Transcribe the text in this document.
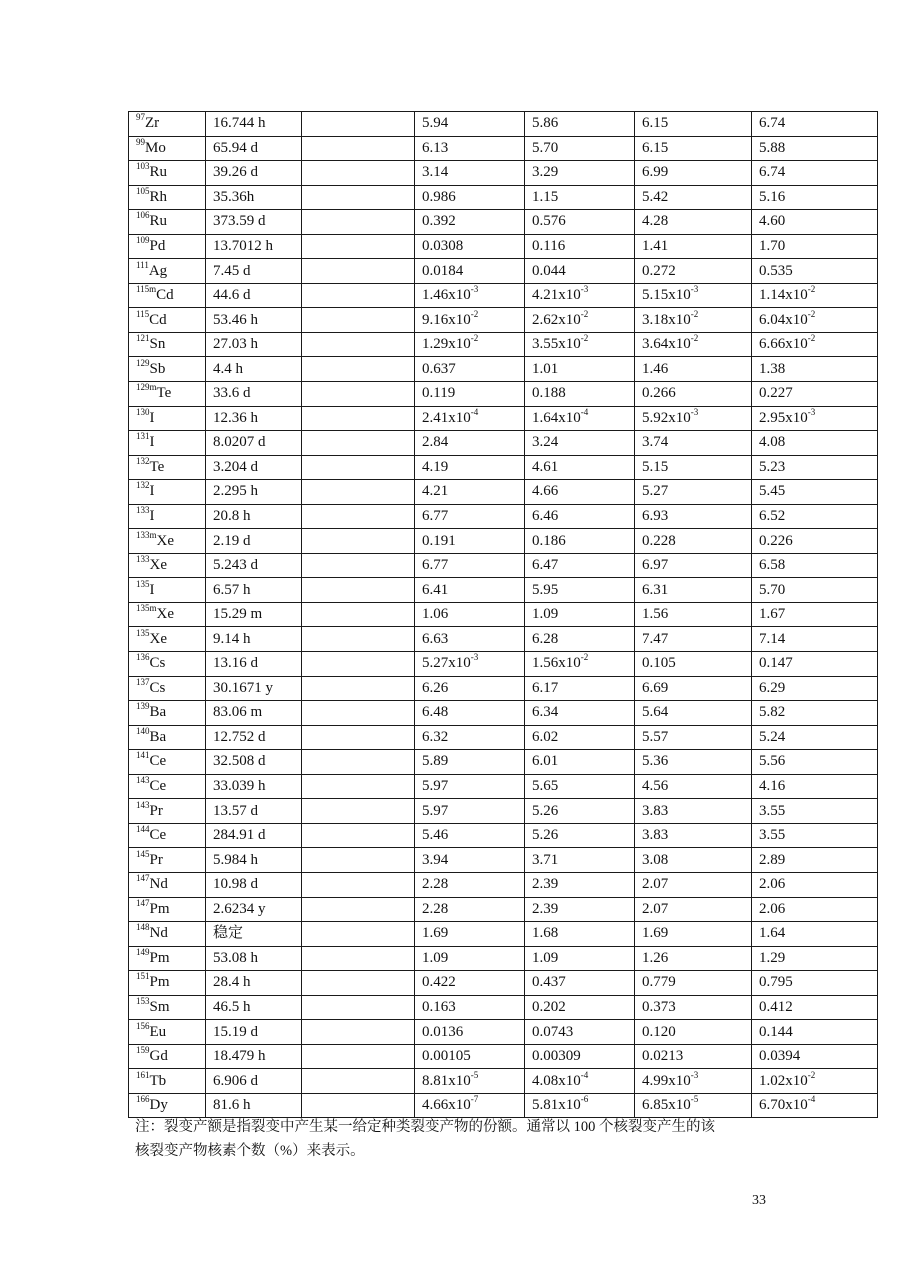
$^{97}$Zr	16.744 h		5.94	5.86	6.15	6.74
$^{99}$Mo	65.94 d		6.13	5.70	6.15	5.88
$^{103}$Ru	39.26 d		3.14	3.29	6.99	6.74
$^{105}$Rh	35.36h		0.986	1.15	5.42	5.16
$^{106}$Ru	373.59 d		0.392	0.576	4.28	4.60
$^{109}$Pd	13.7012 h		0.0308	0.116	1.41	1.70
$^{111}$Ag	7.45 d		0.0184	0.044	0.272	0.535
$^{115m}$Cd	44.6 d		$1.46x10^{-3}$	$4.21x10^{-3}$	$5.15x10^{-3}$	$1.14x10^{-2}$
$^{115}$Cd	53.46 h		$9.16x10^{-2}$	$2.62x10^{-2}$	$3.18x10^{-2}$	$6.04x10^{-2}$
$^{121}$Sn	27.03 h		$1.29x10^{-2}$	$3.55x10^{-2}$	$3.64x10^{-2}$	$6.66x10^{-2}$
$^{129}$Sb	4.4 h		0.637	1.01	1.46	1.38
$^{129m}$Te	33.6 d		0.119	0.188	0.266	0.227
$^{130}$I	12.36 h		$2.41x10^{-4}$	$1.64x10^{-4}$	$5.92x10^{-3}$	$2.95x10^{-3}$
$^{131}$I	8.0207 d		2.84	3.24	3.74	4.08
$^{132}$Te	3.204 d		4.19	4.61	5.15	5.23
$^{132}$I	2.295 h		4.21	4.66	5.27	5.45
$^{133}$I	20.8 h		6.77	6.46	6.93	6.52
$^{133m}$Xe	2.19 d		0.191	0.186	0.228	0.226
$^{133}$Xe	5.243 d		6.77	6.47	6.97	6.58
$^{135}$I	6.57 h		6.41	5.95	6.31	5.70
$^{135m}$Xe	15.29 m		1.06	1.09	1.56	1.67
$^{135}$Xe	9.14 h		6.63	6.28	7.47	7.14
$^{136}$Cs	13.16 d		$5.27x10^{-3}$	$1.56x10^{-2}$	0.105	0.147
$^{137}$Cs	30.1671 y		6.26	6.17	6.69	6.29
$^{139}$Ba	83.06 m		6.48	6.34	5.64	5.82
$^{140}$Ba	12.752 d		6.32	6.02	5.57	5.24
$^{141}$Ce	32.508 d		5.89	6.01	5.36	5.56
$^{143}$Ce	33.039 h		5.97	5.65	4.56	4.16
$^{143}$Pr	13.57 d		5.97	5.26	3.83	3.55
$^{144}$Ce	284.91 d		5.46	5.26	3.83	3.55
$^{145}$Pr	5.984 h		3.94	3.71	3.08	2.89
$^{147}$Nd	10.98 d		2.28	2.39	2.07	2.06
$^{147}$Pm	2.6234 y		2.28	2.39	2.07	2.06
$^{148}$Nd	稳定		1.69	1.68	1.69	1.64
$^{149}$Pm	53.08 h		1.09	1.09	1.26	1.29
$^{151}$Pm	28.4 h		0.422	0.437	0.779	0.795
$^{153}$Sm	46.5 h		0.163	0.202	0.373	0.412
$^{156}$Eu	15.19 d		0.0136	0.0743	0.120	0.144
$^{159}$Gd	18.479 h		0.00105	0.00309	0.0213	0.0394
$^{161}$Tb	6.906 d		$8.81x10^{-5}$	$4.08x10^{-4}$	$4.99x10^{-3}$	$1.02x10^{-2}$
$^{166}$Dy	81.6 h		$4.66x10^{-7}$	$5.81x10^{-6}$	$6.85x10^{-5}$	$6.70x10^{-4}$
注：裂变产额是指裂变中产生某一给定种类裂变产物的份额。通常以 100 个核裂变产生的该
核裂变产物核素个数（%）来表示。
33
